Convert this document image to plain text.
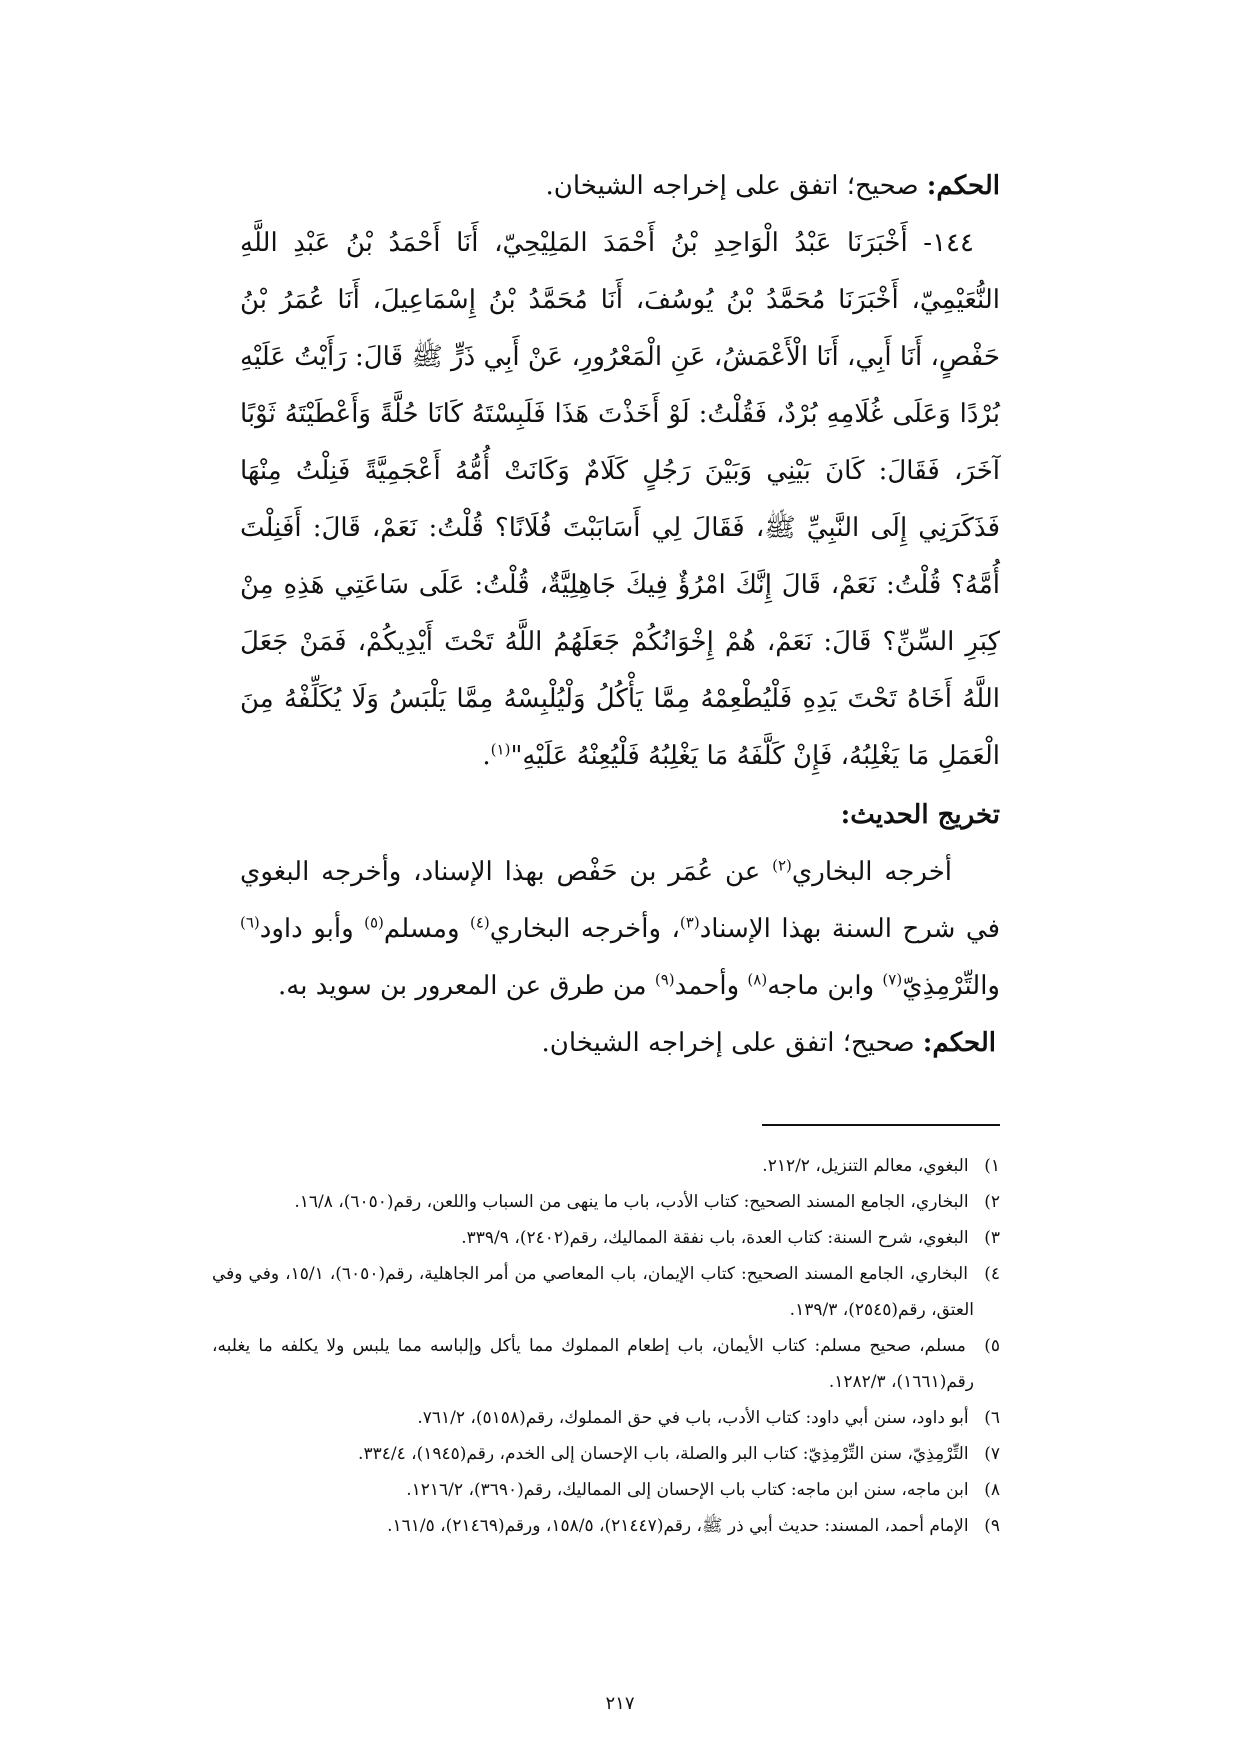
الحكم: صحيح؛ اتفق على إخراجه الشيخان.

١٤٤- أَخْبَرَنَا عَبْدُ الْوَاحِدِ بْنُ أَحْمَدَ المَلِيْحِيّ، أَنَا أَحْمَدُ بْنُ عَبْدِ اللَّهِ النُّعَيْمِيّ، أَخْبَرَنَا مُحَمَّدُ بْنُ يُوسُفَ، أَنَا مُحَمَّدُ بْنُ إِسْمَاعِيلَ، أَنَا عُمَرُ بْنُ حَفْصٍ، أَنَا أَبِي، أَنَا الْأَعْمَشُ، عَنِ الْمَعْرُورِ، عَنْ أَبِي ذَرٍّ ﷺ قَالَ: رَأَيْتُ عَلَيْهِ بُرْدًا وَعَلَى غُلَامِهِ بُرْدٌ، فَقُلْتُ: لَوْ أَخَذْتَ هَذَا فَلَبِسْتَهُ كَانَا حُلَّةً وَأَعْطَيْتَهُ ثَوْبًا آخَرَ، فَقَالَ: كَانَ بَيْنِي وَبَيْنَ رَجُلٍ كَلَامٌ وَكَانَتْ أُمُّهُ أَعْجَمِيَّةً فَنِلْتُ مِنْهَا فَذَكَرَنِي إِلَى النَّبِيِّ ﷺ، فَقَالَ لِي أَسَابَبْتَ فُلَانًا؟ قُلْتُ: نَعَمْ، قَالَ: أَفَنِلْتَ أُمَّهُ؟ قُلْتُ: نَعَمْ، قَالَ إِنَّكَ امْرُؤٌ فِيكَ جَاهِلِيَّةٌ، قُلْتُ: عَلَى سَاعَتِي هَذِهِ مِنْ كِبَرِ السِّنِّ؟ قَالَ: نَعَمْ، هُمْ إِخْوَانُكُمْ جَعَلَهُمُ اللَّهُ تَحْتَ أَيْدِيكُمْ، فَمَنْ جَعَلَ اللَّهُ أَخَاهُ تَحْتَ يَدِهِ فَلْيُطْعِمْهُ مِمَّا يَأْكُلُ وَلْيُلْبِسْهُ مِمَّا يَلْبَسُ وَلَا يُكَلِّفْهُ مِنَ الْعَمَلِ مَا يَغْلِبُهُ، فَإِنْ كَلَّفَهُ مَا يَغْلِبُهُ فَلْيُعِنْهُ عَلَيْهِ"$^{(١)}$.

تخريج الحديث:

أخرجه البخاري$^{(٢)}$ عن عُمَر بن حَفْص بهذا الإسناد، وأخرجه البغوي في شرح السنة بهذا الإسناد$^{(٣)}$، وأخرجه البخاري$^{(٤)}$ ومسلم$^{(٥)}$ وأبو داود$^{(٦)}$ والتِّرْمِذِيّ$^{(٧)}$ وابن ماجه$^{(٨)}$ وأحمد$^{(٩)}$ من طرق عن المعرور بن سويد به.

الحكم: صحيح؛ اتفق على إخراجه الشيخان.

١) البغوي، معالم التنزيل، ٢١٢/٢.

٢) البخاري، الجامع المسند الصحيح: كتاب الأدب، باب ما ينهى من السباب واللعن، رقم(٦٠٥٠)، ١٦/٨.

٣) البغوي، شرح السنة: كتاب العدة، باب نفقة المماليك، رقم(٢٤٠٢)، ٣٣٩/٩.

٤) البخاري، الجامع المسند الصحيح: كتاب الإيمان، باب المعاصي من أمر الجاهلية، رقم(٦٠٥٠)، ١٥/١، وفي وفي العتق، رقم(٢٥٤٥)، ١٣٩/٣.

٥) مسلم، صحيح مسلم: كتاب الأيمان، باب إطعام المملوك مما يأكل وإلباسه مما يلبس ولا يكلفه ما يغلبه، رقم(١٦٦١)، ١٢٨٢/٣.

٦) أبو داود، سنن أبي داود: كتاب الأدب، باب في حق المملوك، رقم(٥١٥٨)، ٧٦١/٢.

٧) التِّرْمِذِيّ، سنن التِّرْمِذِيّ: كتاب البر والصلة، باب الإحسان إلى الخدم، رقم(١٩٤٥)، ٣٣٤/٤.

٨) ابن ماجه، سنن ابن ماجه: كتاب باب الإحسان إلى المماليك، رقم(٣٦٩٠)، ١٢١٦/٢.

٩) الإمام أحمد، المسند: حديث أبي ذر ﷺ، رقم(٢١٤٤٧)، ١٥٨/٥، ورقم(٢١٤٦٩)، ١٦١/٥.

٢١٧
